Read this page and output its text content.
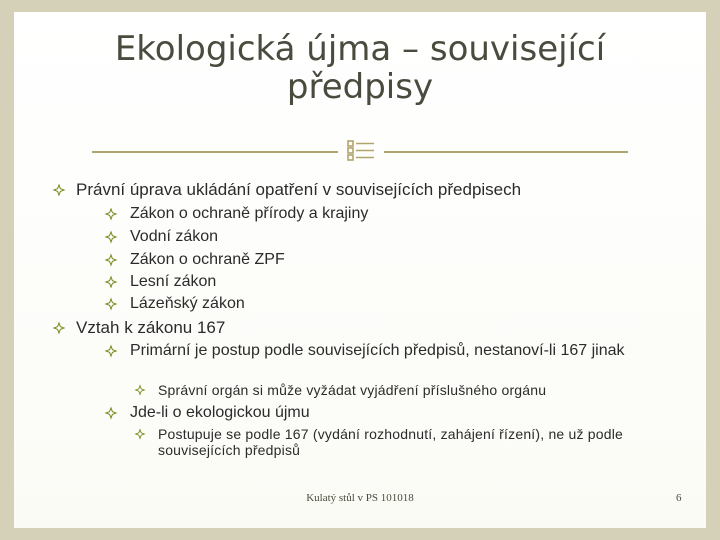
Ekologická újma – související předpisy
Právní úprava ukládání opatření v souvisejících předpisech
Zákon o ochraně přírody a krajiny
Vodní zákon
Zákon o ochraně ZPF
Lesní zákon
Lázeňský zákon
Vztah k zákonu 167
Primární je postup podle souvisejících předpisů, nestanoví-li 167 jinak
Správní orgán si může vyžádat vyjádření příslušného orgánu
Jde-li o ekologickou újmu
Postupuje se podle 167 (vydání rozhodnutí, zahájení řízení), ne už podle souvisejících předpisů
Kulatý stůl v PS 101018	6
